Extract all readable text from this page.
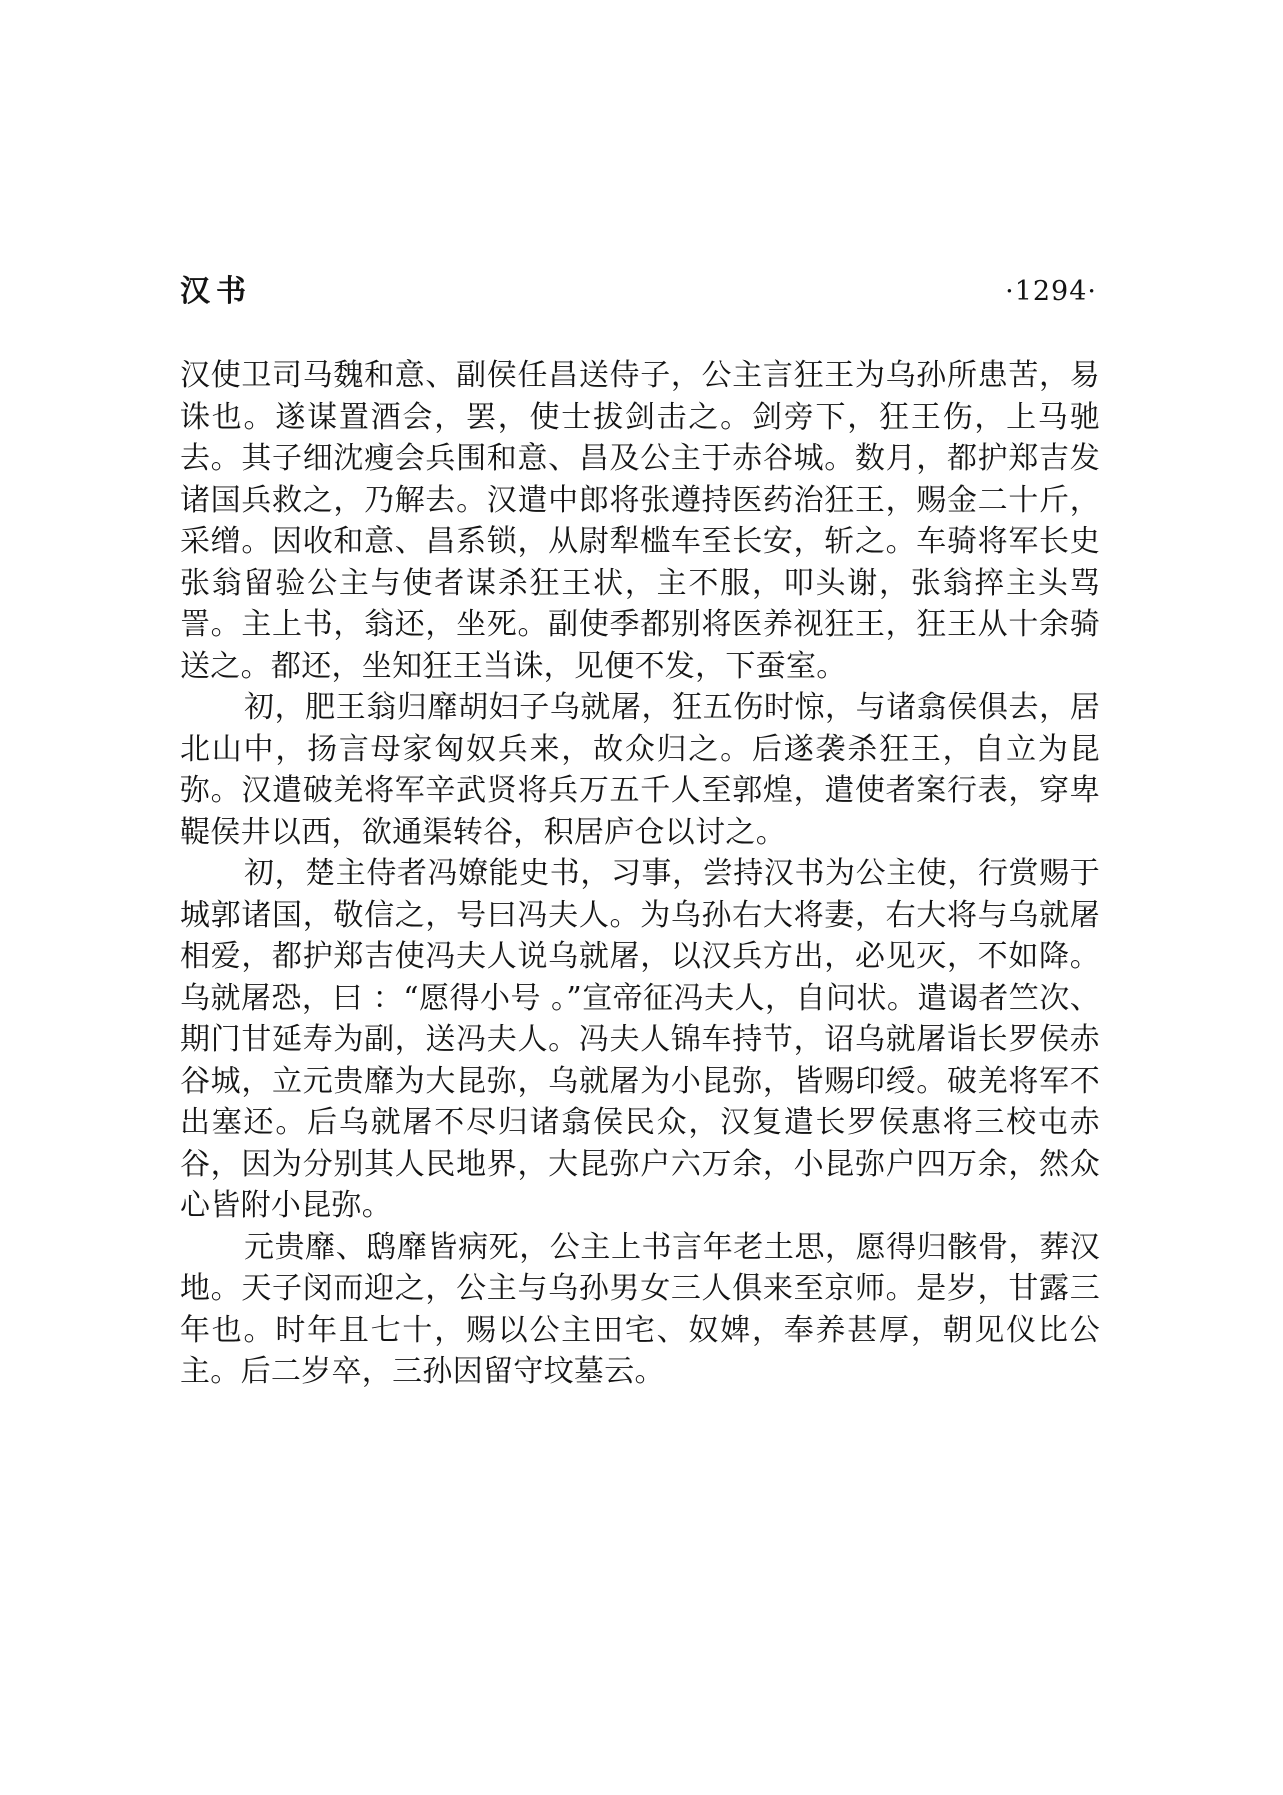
汉书	·1294·

汉使卫司马魏和意、副侯任昌送侍子，公主言狂王为乌孙所患苦，易诛也。遂谋置酒会，罢，使士拔剑击之。剑旁下，狂王伤，上马驰去。其子细沈瘦会兵围和意、昌及公主于赤谷城。数月，都护郑吉发诸国兵救之，乃解去。汉遣中郎将张遵持医药治狂王，赐金二十斤，采缯。因收和意、昌系锁，从尉犁槛车至长安，斩之。车骑将军长史张翁留验公主与使者谋杀狂王状，主不服，叩头谢，张翁捽主头骂詈。主上书，翁还，坐死。副使季都别将医养视狂王，狂王从十余骑送之。都还，坐知狂王当诛，见便不发，下蚕室。

初，肥王翁归靡胡妇子乌就屠，狂五伤时惊，与诸翕侯俱去，居北山中，扬言母家匈奴兵来，故众归之。后遂袭杀狂王，自立为昆弥。汉遣破羌将军辛武贤将兵万五千人至郭煌，遣使者案行表，穿卑鞮侯井以西，欲通渠转谷，积居庐仓以讨之。

初，楚主侍者冯嫽能史书，习事，尝持汉书为公主使，行赏赐于城郭诸国，敬信之，号曰冯夫人。为乌孙右大将妻，右大将与乌就屠相爱，都护郑吉使冯夫人说乌就屠，以汉兵方出，必见灭，不如降。乌就屠恐，曰 ：“愿得小号 。”宣帝征冯夫人，自问状。遣谒者竺次、期门甘延寿为副，送冯夫人。冯夫人锦车持节，诏乌就屠诣长罗侯赤谷城，立元贵靡为大昆弥，乌就屠为小昆弥，皆赐印绶。破羌将军不出塞还。后乌就屠不尽归诸翕侯民众，汉复遣长罗侯惠将三校屯赤谷，因为分别其人民地界，大昆弥户六万余，小昆弥户四万余，然众心皆附小昆弥。

元贵靡、鸱靡皆病死，公主上书言年老土思，愿得归骸骨，葬汉地。天子闵而迎之，公主与乌孙男女三人俱来至京师。是岁，甘露三年也。时年且七十，赐以公主田宅、奴婢，奉养甚厚，朝见仪比公主。后二岁卒，三孙因留守坟墓云。
